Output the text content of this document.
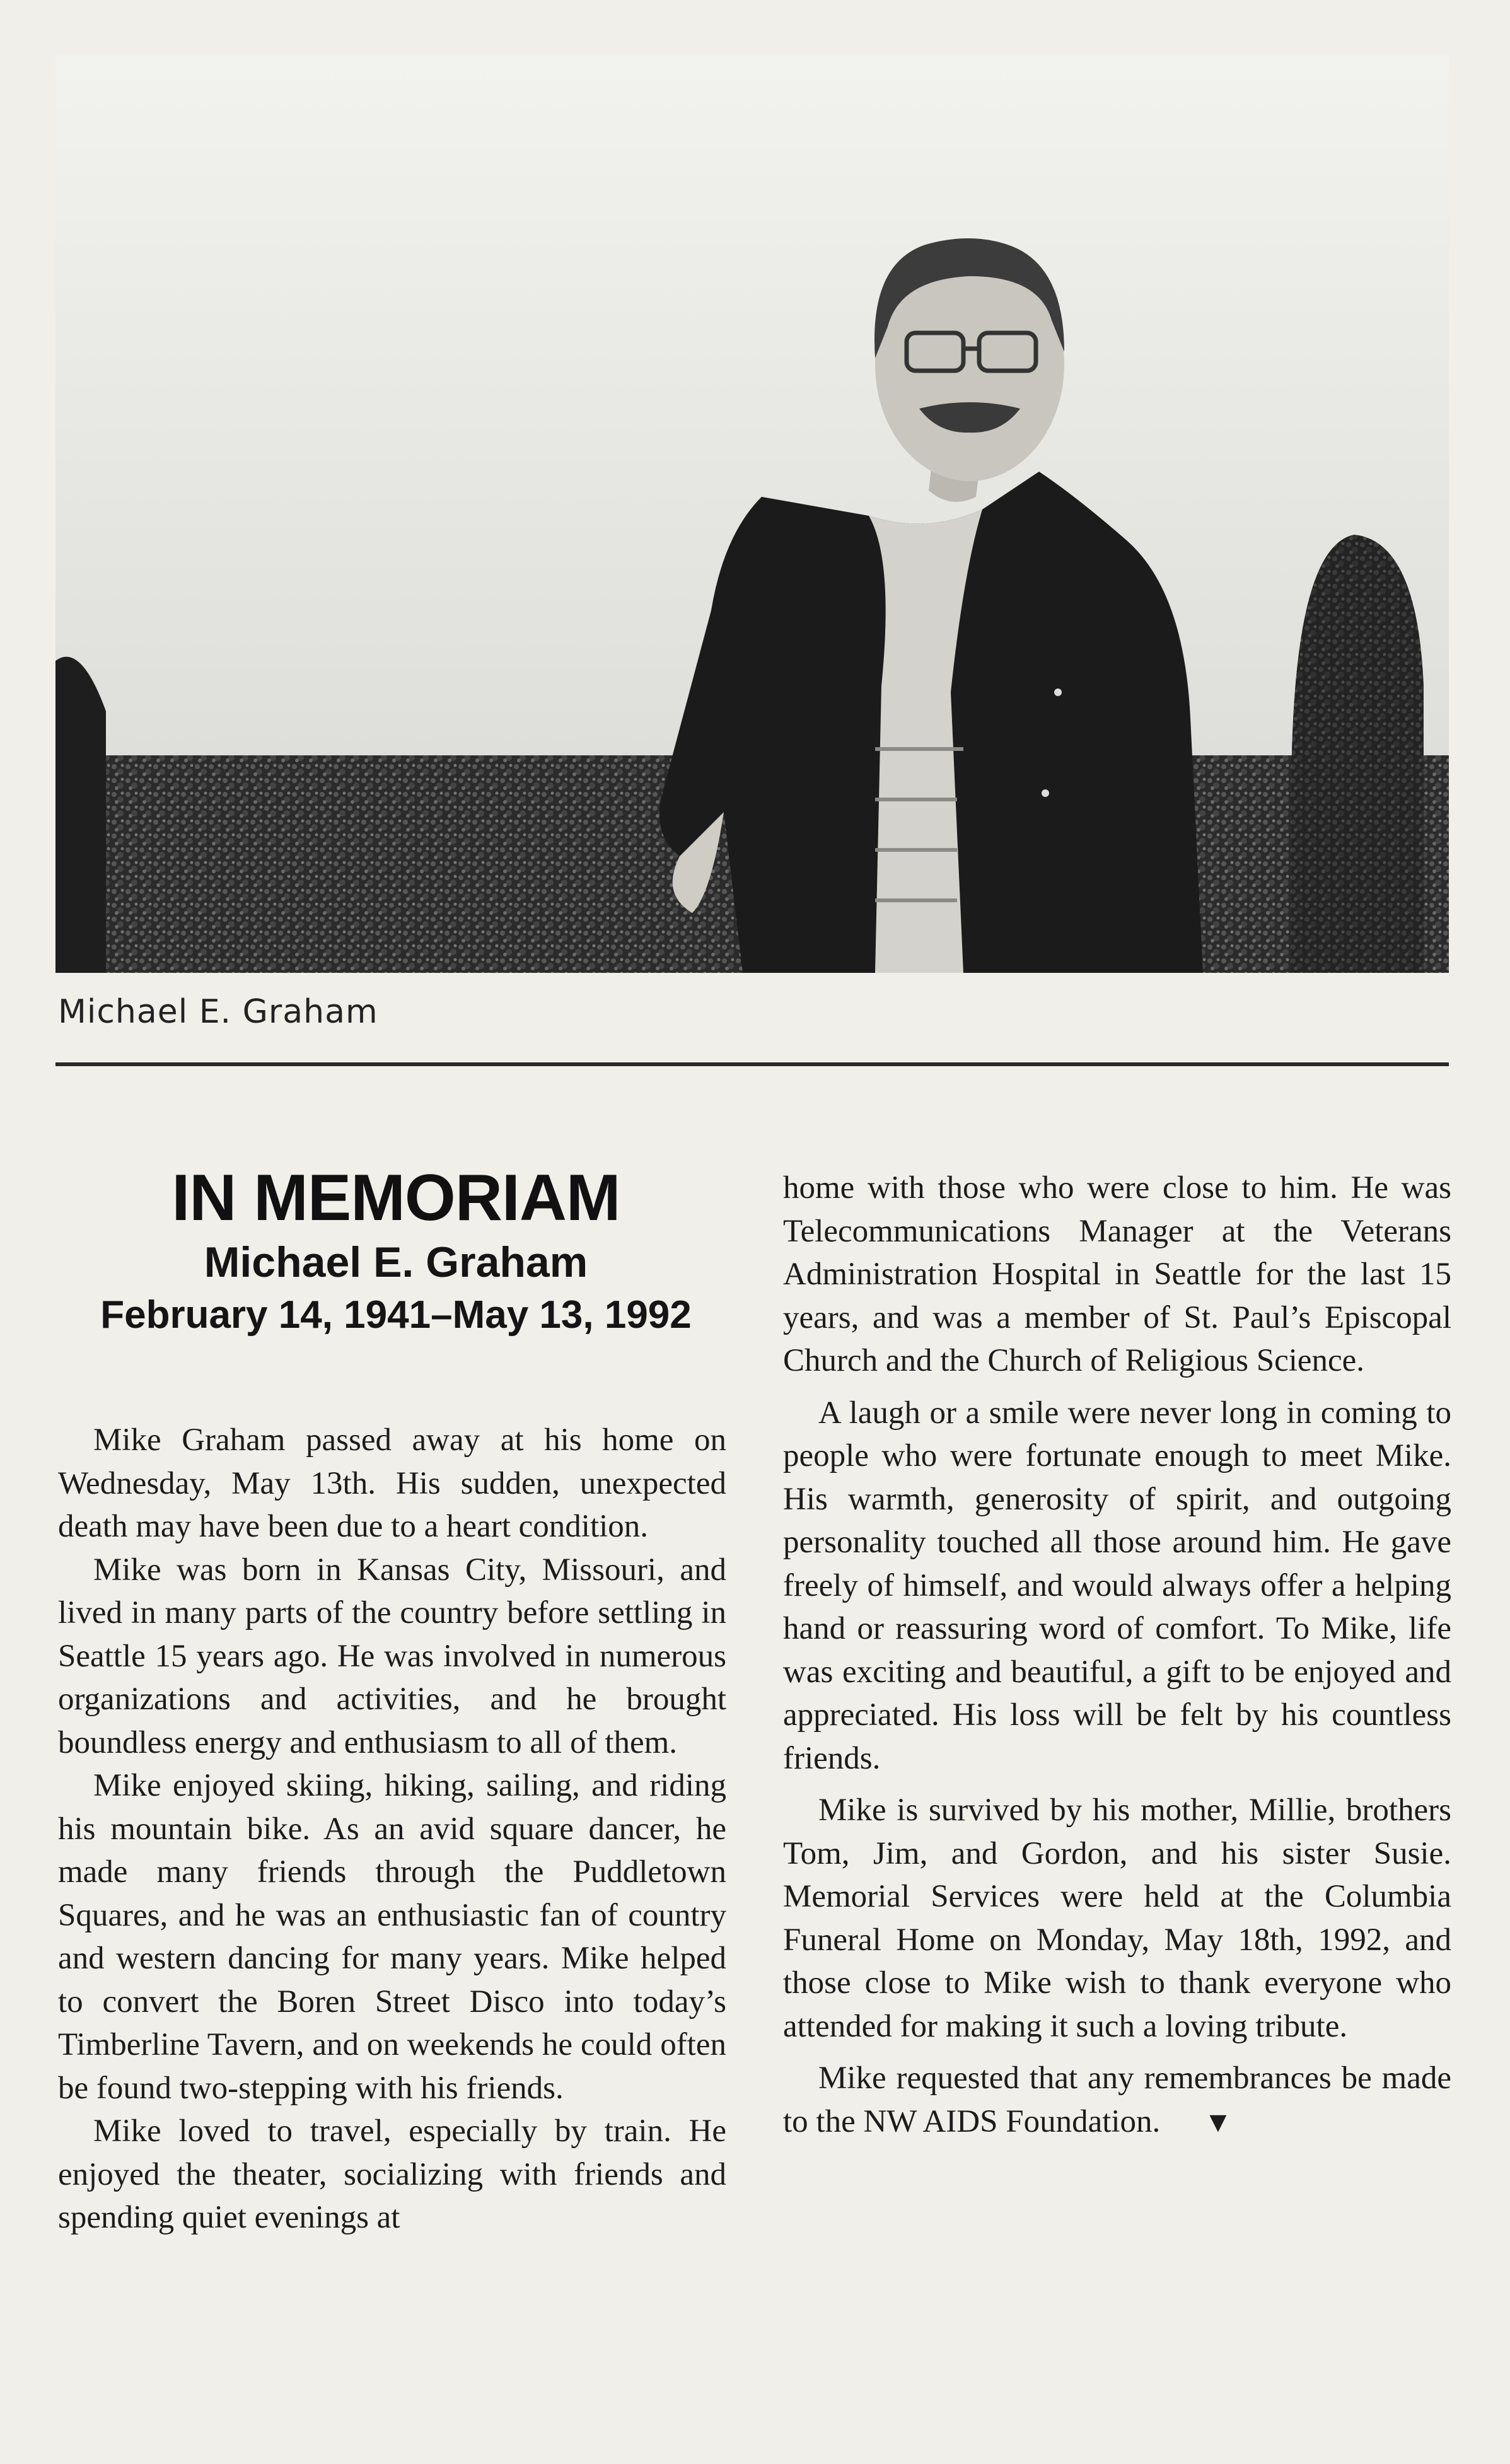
Michael E. Graham
IN MEMORIAM
Michael E. Graham
February 14, 1941–May 13, 1992

Mike Graham passed away at his home on Wednesday, May 13th. His sudden, unexpected death may have been due to a heart condition.

Mike was born in Kansas City, Missouri, and lived in many parts of the country before settling in Seattle 15 years ago. He was involved in numerous organizations and activities, and he brought boundless energy and enthusiasm to all of them.

Mike enjoyed skiing, hiking, sailing, and riding his mountain bike. As an avid square dancer, he made many friends through the Puddletown Squares, and he was an enthusiastic fan of country and western dancing for many years. Mike helped to convert the Boren Street Disco into today’s Timberline Tavern, and on weekends he could often be found two-stepping with his friends.

Mike loved to travel, especially by train. He enjoyed the theater, socializing with friends and spending quiet evenings at

home with those who were close to him. He was Telecommunications Manager at the Veterans Administration Hospital in Seattle for the last 15 years, and was a member of St. Paul’s Episcopal Church and the Church of Religious Science.

A laugh or a smile were never long in coming to people who were fortunate enough to meet Mike. His warmth, generosity of spirit, and outgoing personality touched all those around him. He gave freely of himself, and would always offer a helping hand or reassuring word of comfort. To Mike, life was exciting and beautiful, a gift to be enjoyed and appreciated. His loss will be felt by his countless friends.

Mike is survived by his mother, Millie, brothers Tom, Jim, and Gordon, and his sister Susie. Memorial Services were held at the Columbia Funeral Home on Monday, May 18th, 1992, and those close to Mike wish to thank everyone who attended for making it such a loving tribute.

Mike requested that any remembrances be made to the NW AIDS Foundation. ▼
